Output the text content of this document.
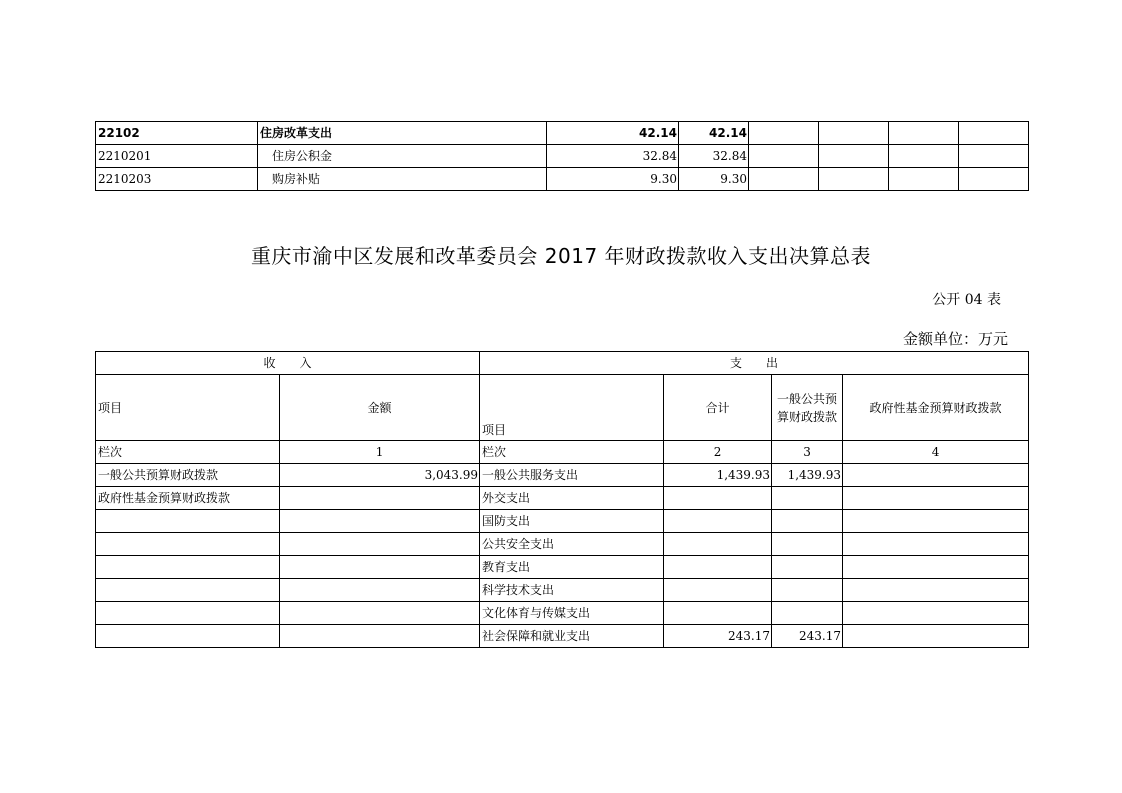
22102	住房改革支出	42.14	42.14				
2210201	住房公积金	32.84	32.84				
2210203	购房补贴	9.30	9.30				
重庆市渝中区发展和改革委员会 2017 年财政拨款收入支出决算总表
公开 04 表
金额单位：万元
收　　入		支　　出			
项目	金额	项目	合计	一般公共预算财政拨款	政府性基金预算财政拨款
栏次	1	栏次	2	3	4
一般公共预算财政拨款	3,043.99	一般公共服务支出	1,439.93	1,439.93	
政府性基金预算财政拨款		外交支出			
		国防支出			
		公共安全支出			
		教育支出			
		科学技术支出			
		文化体育与传媒支出			
		社会保障和就业支出	243.17	243.17	
